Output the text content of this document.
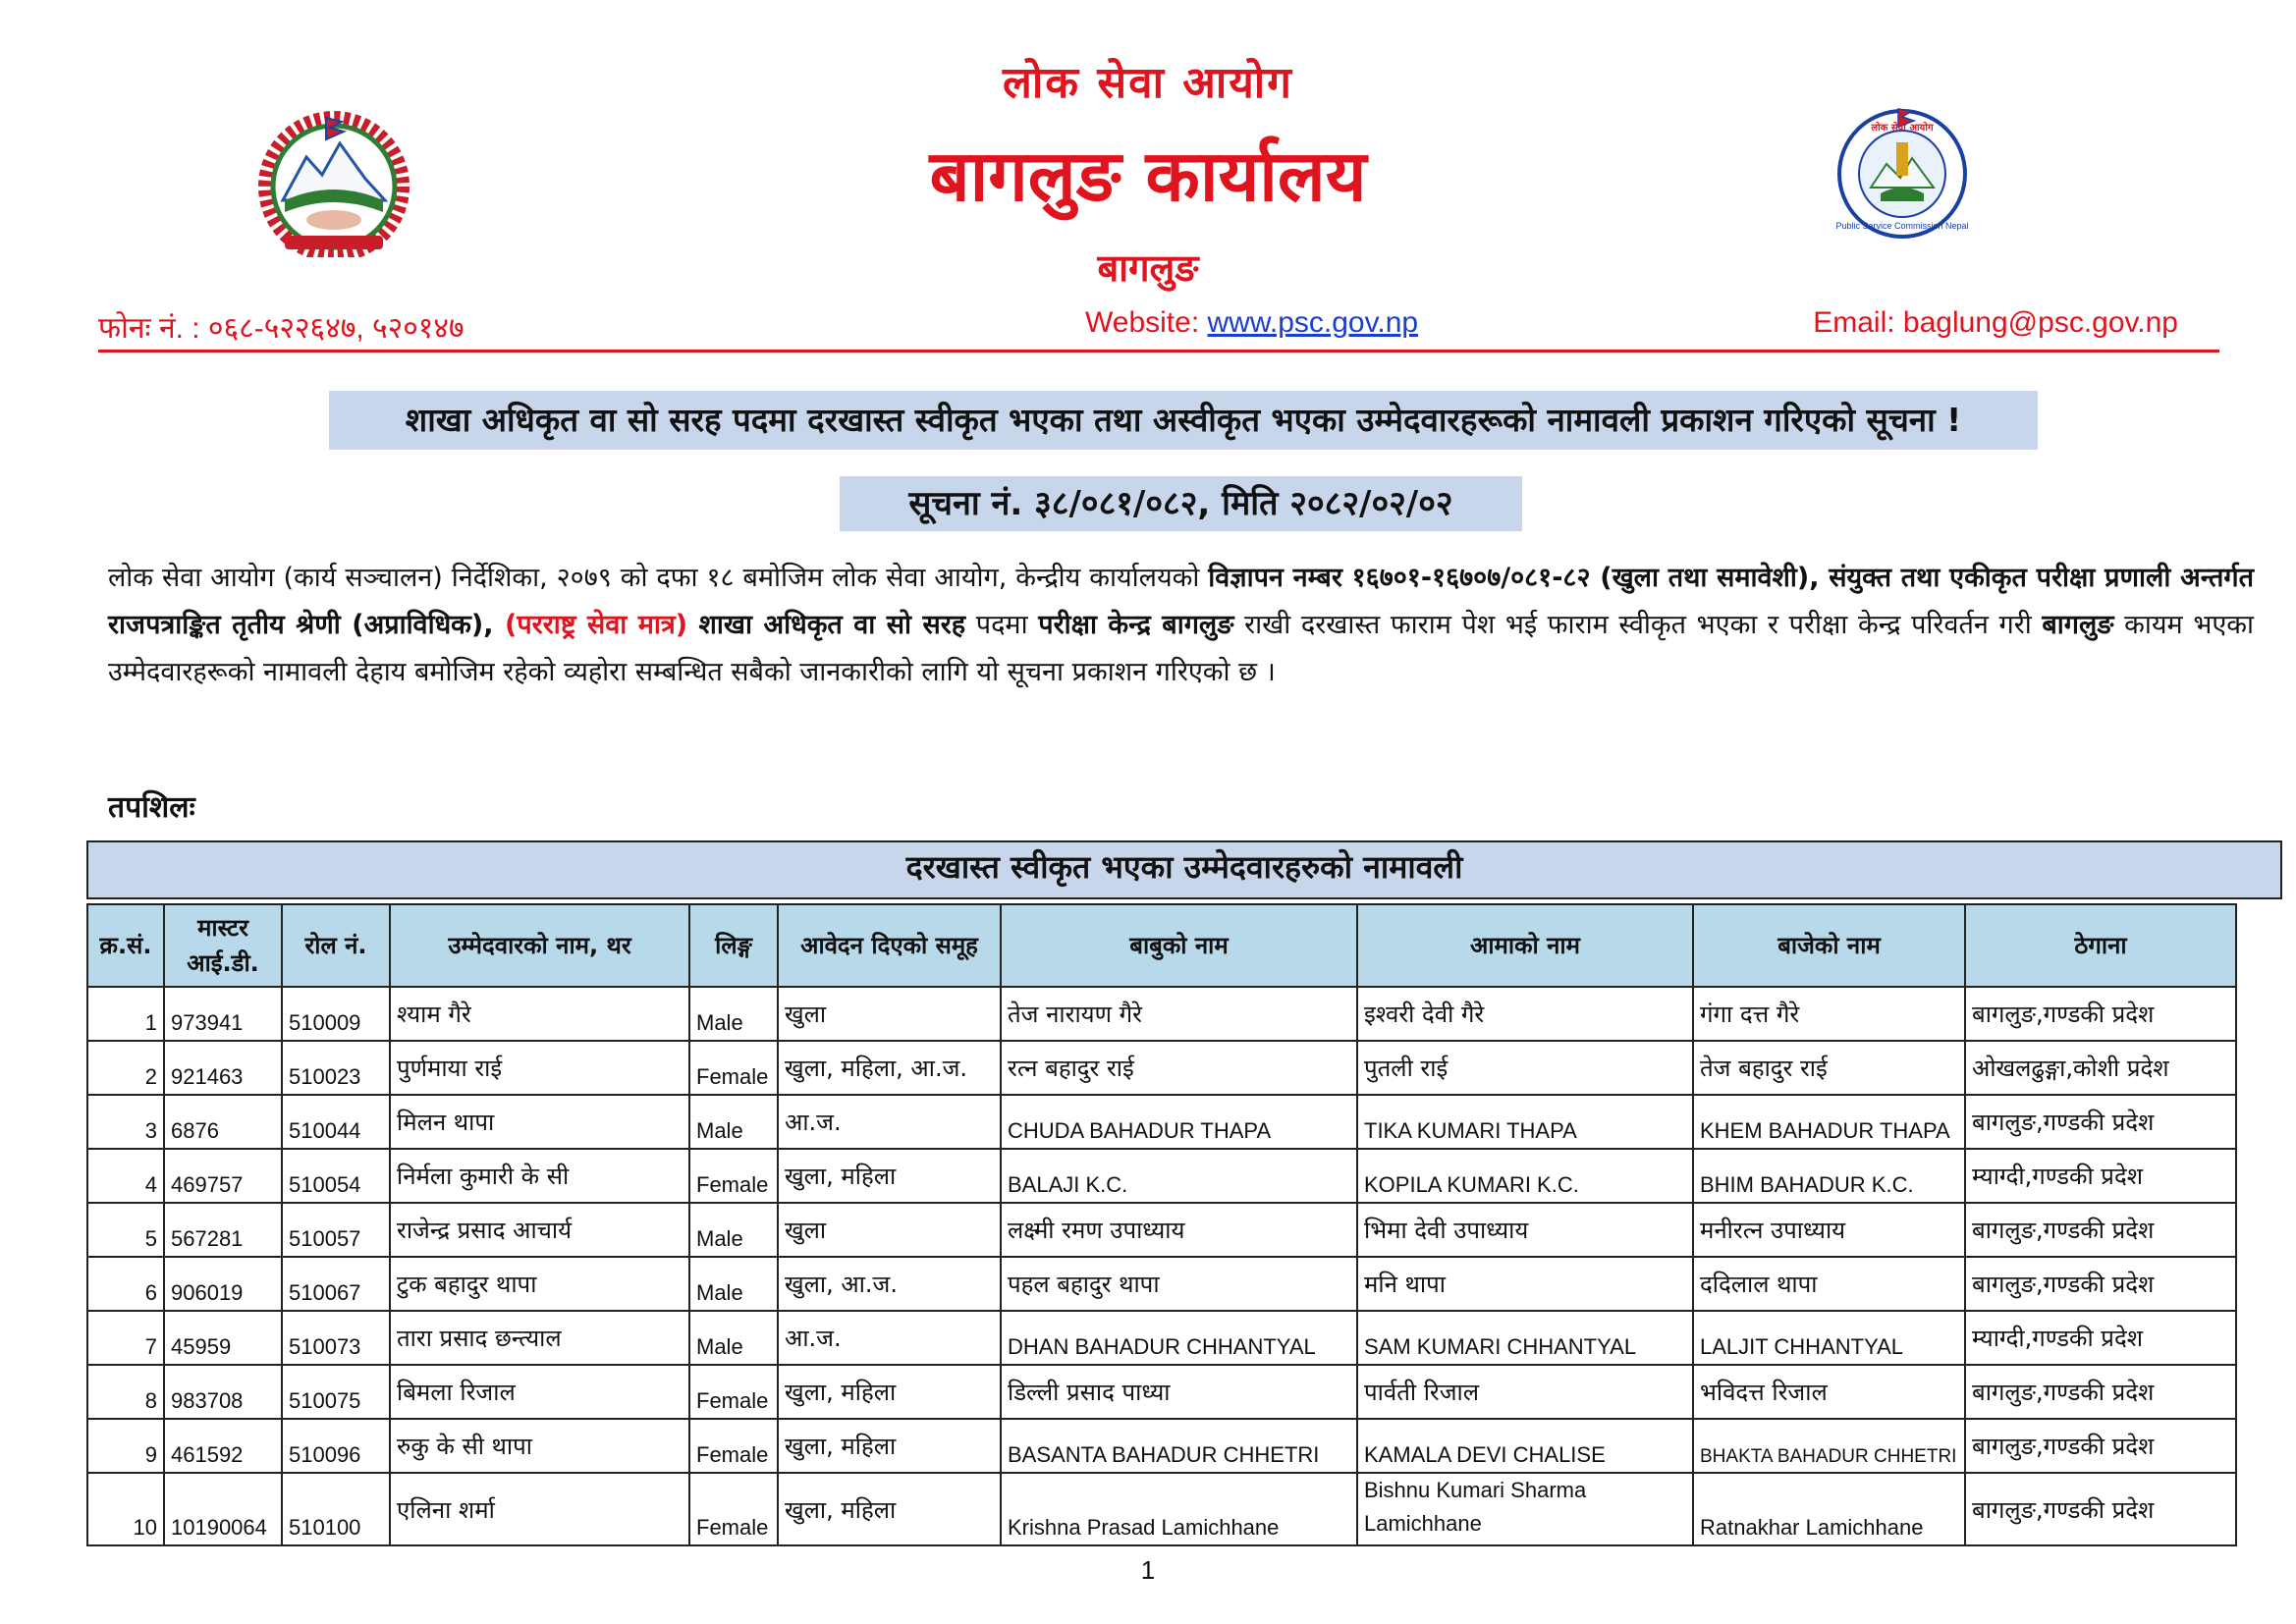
लोक सेवा आयोग
बागलुङ कार्यालय
बागलुङ
लोक सेवा आयोग
Public Service Commission Nepal
फोनः नं. : ०६८-५२२६४७, ५२०१४७	Website: www.psc.gov.np	Email: baglung@psc.gov.np
शाखा अधिकृत वा सो सरह पदमा दरखास्त स्वीकृत भएका तथा अस्वीकृत भएका उम्मेदवारहरूको नामावली प्रकाशन गरिएको सूचना !
सूचना नं. ३८/०८१/०८२, मिति २०८२/०२/०२
लोक सेवा आयोग (कार्य सञ्चालन) निर्देशिका, २०७९ को दफा १८ बमोजिम लोक सेवा आयोग, केन्द्रीय कार्यालयको विज्ञापन नम्बर १६७०१-१६७०७/०८१-८२ (खुला तथा समावेशी), संयुक्त तथा एकीकृत परीक्षा प्रणाली अन्तर्गत राजपत्राङ्कित तृतीय श्रेणी (अप्राविधिक), (परराष्ट्र सेवा मात्र) शाखा अधिकृत वा सो सरह पदमा परीक्षा केन्द्र बागलुङ राखी दरखास्त फाराम पेश भई फाराम स्वीकृत भएका र परीक्षा केन्द्र परिवर्तन गरी बागलुङ कायम भएका उम्मेदवारहरूको नामावली देहाय बमोजिम रहेको व्यहोरा सम्बन्धित सबैको जानकारीको लागि यो सूचना प्रकाशन गरिएको छ ।
तपशिलः
दरखास्त स्वीकृत भएका उम्मेदवारहरुको नामावली
क्र.सं.	मास्टर आई.डी.	रोल नं.	उम्मेदवारको नाम, थर	लिङ्ग	आवेदन दिएको समूह	बाबुको नाम	आमाको नाम	बाजेको नाम	ठेगाना
1	973941	510009	श्याम गैरे	Male	खुला	तेज नारायण गैरे	इश्वरी देवी गैरे	गंगा दत्त गैरे	बागलुङ,गण्डकी प्रदेश
2	921463	510023	पुर्णमाया राई	Female	खुला, महिला, आ.ज.	रत्न बहादुर राई	पुतली राई	तेज बहादुर राई	ओखलढुङ्गा,कोशी प्रदेश
3	6876	510044	मिलन थापा	Male	आ.ज.	CHUDA BAHADUR THAPA	TIKA KUMARI THAPA	KHEM BAHADUR THAPA	बागलुङ,गण्डकी प्रदेश
4	469757	510054	निर्मला कुमारी के सी	Female	खुला, महिला	BALAJI K.C.	KOPILA KUMARI K.C.	BHIM BAHADUR K.C.	म्याग्दी,गण्डकी प्रदेश
5	567281	510057	राजेन्द्र प्रसाद आचार्य	Male	खुला	लक्ष्मी रमण उपाध्याय	भिमा देवी उपाध्याय	मनीरत्न उपाध्याय	बागलुङ,गण्डकी प्रदेश
6	906019	510067	टुक बहादुर थापा	Male	खुला, आ.ज.	पहल बहादुर थापा	मनि थापा	ददिलाल थापा	बागलुङ,गण्डकी प्रदेश
7	45959	510073	तारा प्रसाद छन्त्याल	Male	आ.ज.	DHAN BAHADUR CHHANTYAL	SAM KUMARI CHHANTYAL	LALJIT CHHANTYAL	म्याग्दी,गण्डकी प्रदेश
8	983708	510075	बिमला रिजाल	Female	खुला, महिला	डिल्ली प्रसाद पाध्या	पार्वती रिजाल	भविदत्त रिजाल	बागलुङ,गण्डकी प्रदेश
9	461592	510096	रुकु के सी थापा	Female	खुला, महिला	BASANTA BAHADUR CHHETRI	KAMALA DEVI CHALISE	BHAKTA BAHADUR CHHETRI	बागलुङ,गण्डकी प्रदेश
10	10190064	510100	एलिना शर्मा	Female	खुला, महिला	Krishna Prasad Lamichhane	Bishnu Kumari Sharma Lamichhane	Ratnakhar Lamichhane	बागलुङ,गण्डकी प्रदेश
1
